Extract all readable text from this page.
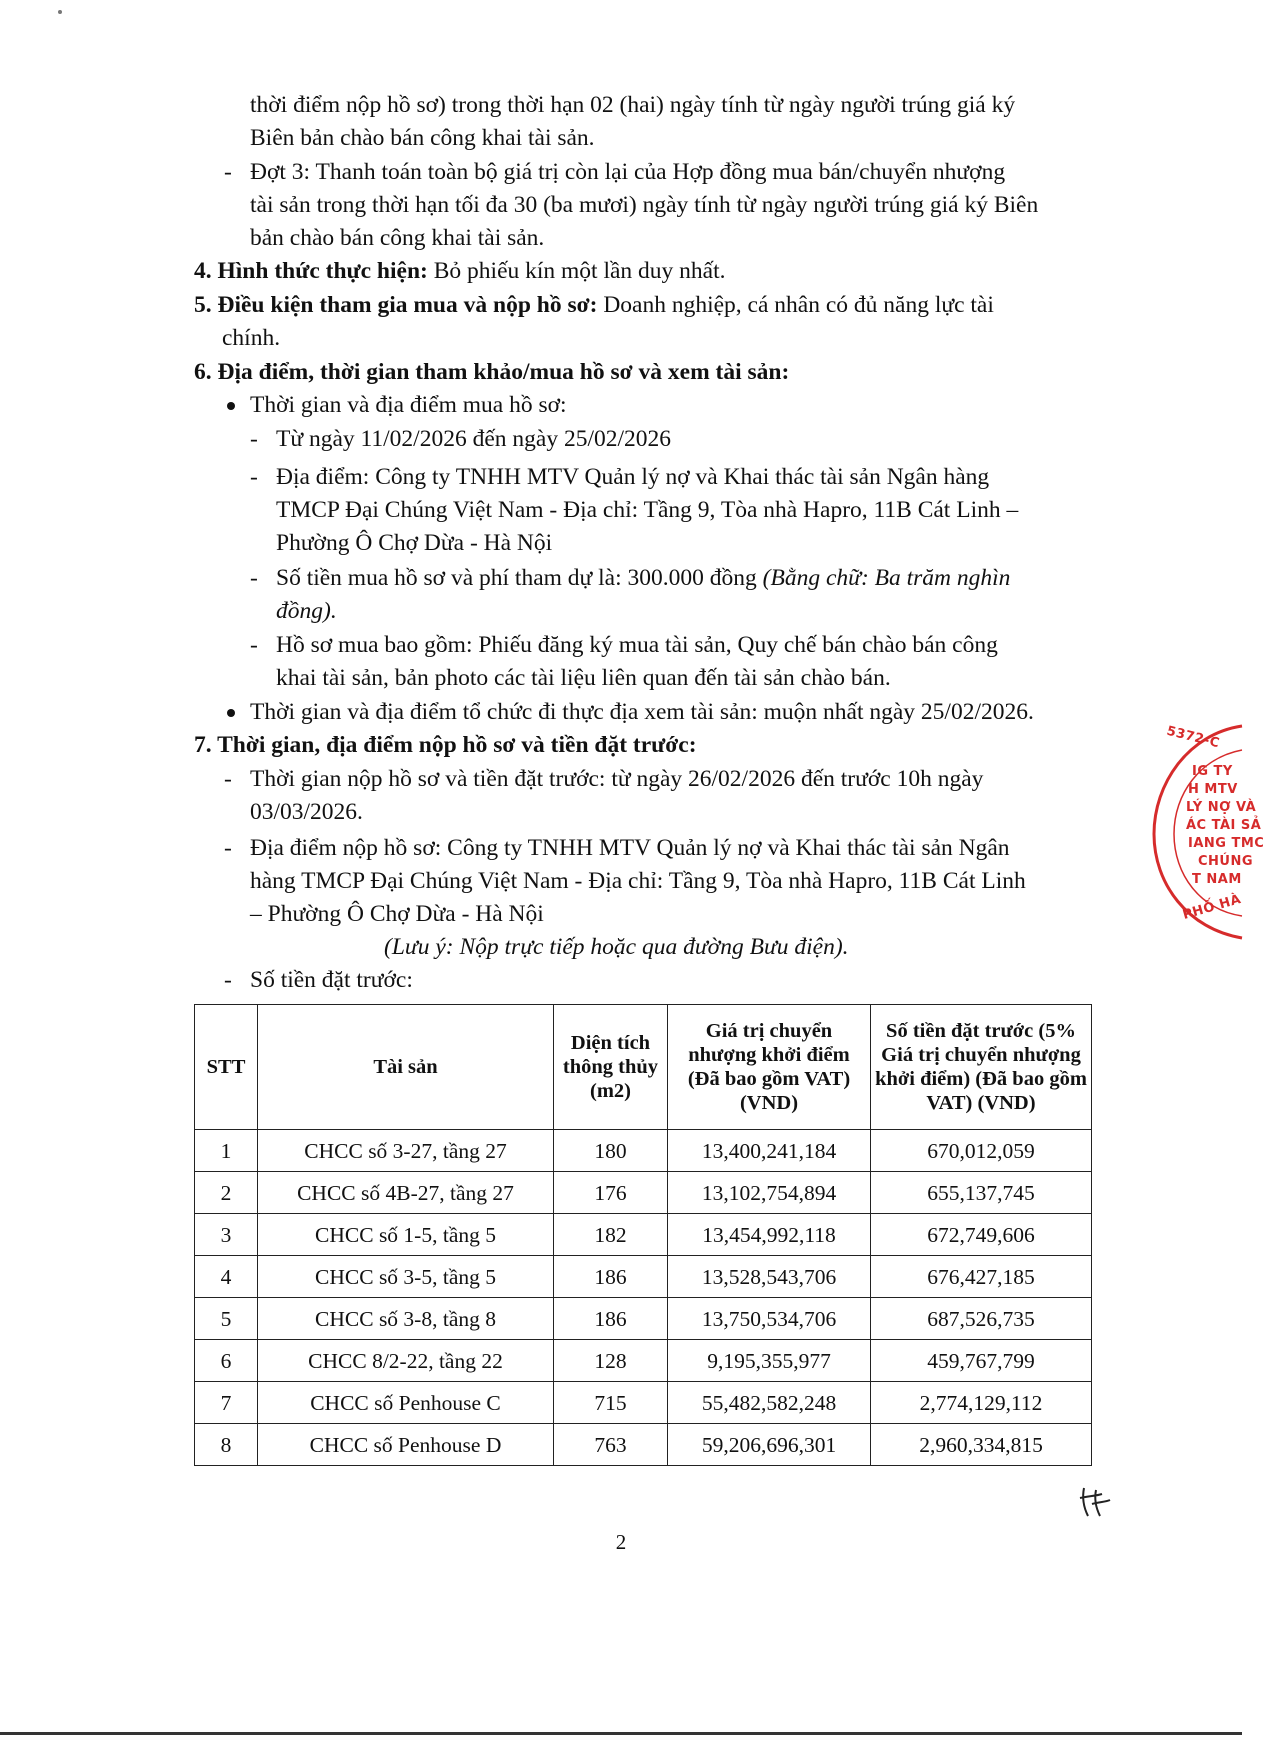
thời điểm nộp hồ sơ) trong thời hạn 02 (hai) ngày tính từ ngày người trúng giá ký
Biên bản chào bán công khai tài sản.
- Đợt 3: Thanh toán toàn bộ giá trị còn lại của Hợp đồng mua bán/chuyển nhượng
tài sản trong thời hạn tối đa 30 (ba mươi) ngày tính từ ngày người trúng giá ký Biên
bản chào bán công khai tài sản.
4. Hình thức thực hiện: Bỏ phiếu kín một lần duy nhất.
5. Điều kiện tham gia mua và nộp hồ sơ: Doanh nghiệp, cá nhân có đủ năng lực tài
chính.
6. Địa điểm, thời gian tham khảo/mua hồ sơ và xem tài sản:
Thời gian và địa điểm mua hồ sơ:
- Từ ngày 11/02/2026 đến ngày 25/02/2026
- Địa điểm: Công ty TNHH MTV Quản lý nợ và Khai thác tài sản Ngân hàng
TMCP Đại Chúng Việt Nam - Địa chỉ: Tầng 9, Tòa nhà Hapro, 11B Cát Linh –
Phường Ô Chợ Dừa - Hà Nội
- Số tiền mua hồ sơ và phí tham dự là: 300.000 đồng (Bằng chữ: Ba trăm nghìn
đồng).
- Hồ sơ mua bao gồm: Phiếu đăng ký mua tài sản, Quy chế bán chào bán công
khai tài sản, bản photo các tài liệu liên quan đến tài sản chào bán.
Thời gian và địa điểm tổ chức đi thực địa xem tài sản: muộn nhất ngày 25/02/2026.
7. Thời gian, địa điểm nộp hồ sơ và tiền đặt trước:
- Thời gian nộp hồ sơ và tiền đặt trước: từ ngày 26/02/2026 đến trước 10h ngày
03/03/2026.
- Địa điểm nộp hồ sơ: Công ty TNHH MTV Quản lý nợ và Khai thác tài sản Ngân
hàng TMCP Đại Chúng Việt Nam - Địa chỉ: Tầng 9, Tòa nhà Hapro, 11B Cát Linh
– Phường Ô Chợ Dừa - Hà Nội
(Lưu ý: Nộp trực tiếp hoặc qua đường Bưu điện).
- Số tiền đặt trước:
STT	Tài sản	Diện tích thông thủy (m2)	Giá trị chuyển nhượng khởi điểm (Đã bao gồm VAT) (VND)	Số tiền đặt trước (5% Giá trị chuyển nhượng khởi điểm) (Đã bao gồm VAT) (VND)
1	CHCC số 3-27, tầng 27	180	13,400,241,184	670,012,059
2	CHCC số 4B-27, tầng 27	176	13,102,754,894	655,137,745
3	CHCC số 1-5, tầng 5	182	13,454,992,118	672,749,606
4	CHCC số 3-5, tầng 5	186	13,528,543,706	676,427,185
5	CHCC số 3-8, tầng 8	186	13,750,534,706	687,526,735
6	CHCC 8/2-22, tầng 22	128	9,195,355,977	459,767,799
7	CHCC số Penhouse C	715	55,482,582,248	2,774,129,112
8	CHCC số Penhouse D	763	59,206,696,301	2,960,334,815
5372-C
IG TY
H MTV
LÝ NỢ VÀ
ÁC TÀI SẢ
IANG TMC
CHÚNG
T NAM
PHỐ HÀ
2
